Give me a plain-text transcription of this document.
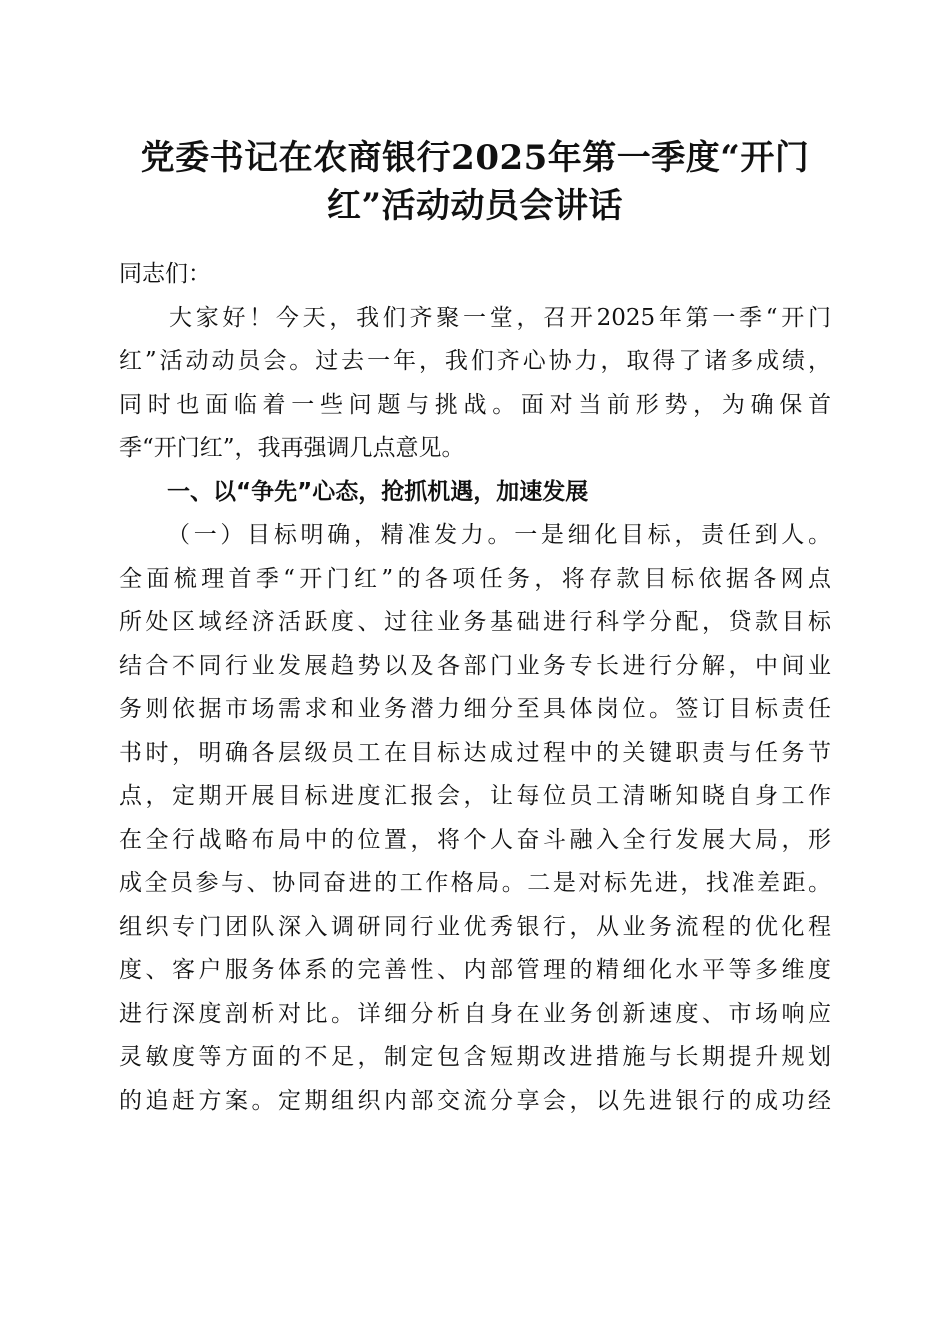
党委书记在农商银行2025年第一季度“开门
红”活动动员会讲话
同志们：
大家好！今天，我们齐聚一堂，召开2025年第一季“开门
红”活动动员会。过去一年，我们齐心协力，取得了诸多成绩，
同时也面临着一些问题与挑战。面对当前形势，为确保首
季“开门红”，我再强调几点意见。
一、以“争先”心态，抢抓机遇，加速发展
（一）目标明确，精准发力。一是细化目标，责任到人。
全面梳理首季“开门红”的各项任务，将存款目标依据各网点
所处区域经济活跃度、过往业务基础进行科学分配，贷款目标
结合不同行业发展趋势以及各部门业务专长进行分解，中间业
务则依据市场需求和业务潜力细分至具体岗位。签订目标责任
书时，明确各层级员工在目标达成过程中的关键职责与任务节
点，定期开展目标进度汇报会，让每位员工清晰知晓自身工作
在全行战略布局中的位置，将个人奋斗融入全行发展大局，形
成全员参与、协同奋进的工作格局。二是对标先进，找准差距。
组织专门团队深入调研同行业优秀银行，从业务流程的优化程
度、客户服务体系的完善性、内部管理的精细化水平等多维度
进行深度剖析对比。详细分析自身在业务创新速度、市场响应
灵敏度等方面的不足，制定包含短期改进措施与长期提升规划
的追赶方案。定期组织内部交流分享会，以先进银行的成功经
